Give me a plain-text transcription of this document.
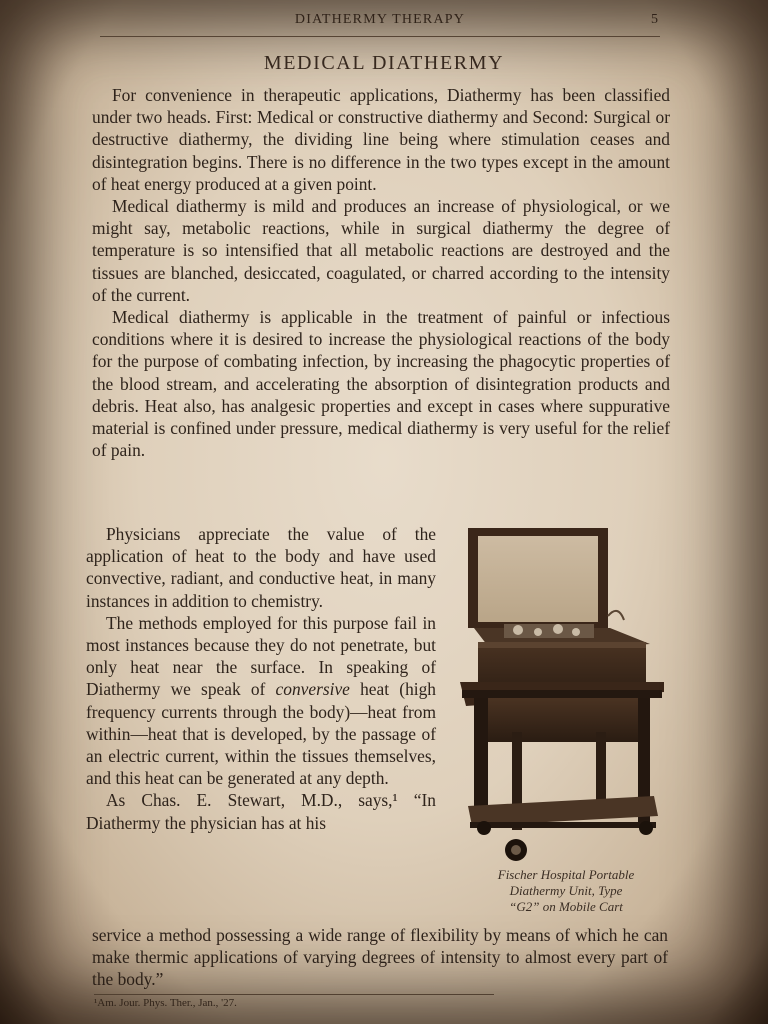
DIATHERMY THERAPY	5
MEDICAL DIATHERMY

For convenience in therapeutic applications, Diathermy has been classified under two heads. First: Medical or constructive diathermy and Second: Surgical or destructive diathermy, the dividing line being where stimulation ceases and disintegration begins. There is no difference in the two types except in the amount of heat energy produced at a given point.

Medical diathermy is mild and produces an increase of physiological, or we might say, metabolic reactions, while in surgical diathermy the degree of temperature is so intensified that all metabolic reactions are destroyed and the tissues are blanched, desiccated, coagulated, or charred according to the intensity of the current.

Medical diathermy is applicable in the treatment of painful or infectious conditions where it is desired to increase the physiological reactions of the body for the purpose of combating infection, by increasing the phagocytic properties of the blood stream, and accelerating the absorption of disintegration products and debris. Heat also, has analgesic properties and except in cases where suppurative material is confined under pressure, medical diathermy is very useful for the relief of pain.

Physicians appreciate the value of the application of heat to the body and have used convective, radiant, and conductive heat, in many instances in addition to chemistry.

The methods employed for this purpose fail in most instances because they do not penetrate, but only heat near the surface. In speaking of Diathermy we speak of conversive heat (high frequency currents through the body)—heat from within—heat that is developed, by the passage of an electric current, within the tissues themselves, and this heat can be generated at any depth.

As Chas. E. Stewart, M.D., says,¹ “In Diathermy the physician has at his

Fischer Hospital Portable
Diathermy Unit, Type
“G2” on Mobile Cart

service a method possessing a wide range of flexibility by means of which he can make thermic applications of varying degrees of intensity to almost every part of the body.”

¹Am. Jour. Phys. Ther., Jan., '27.
